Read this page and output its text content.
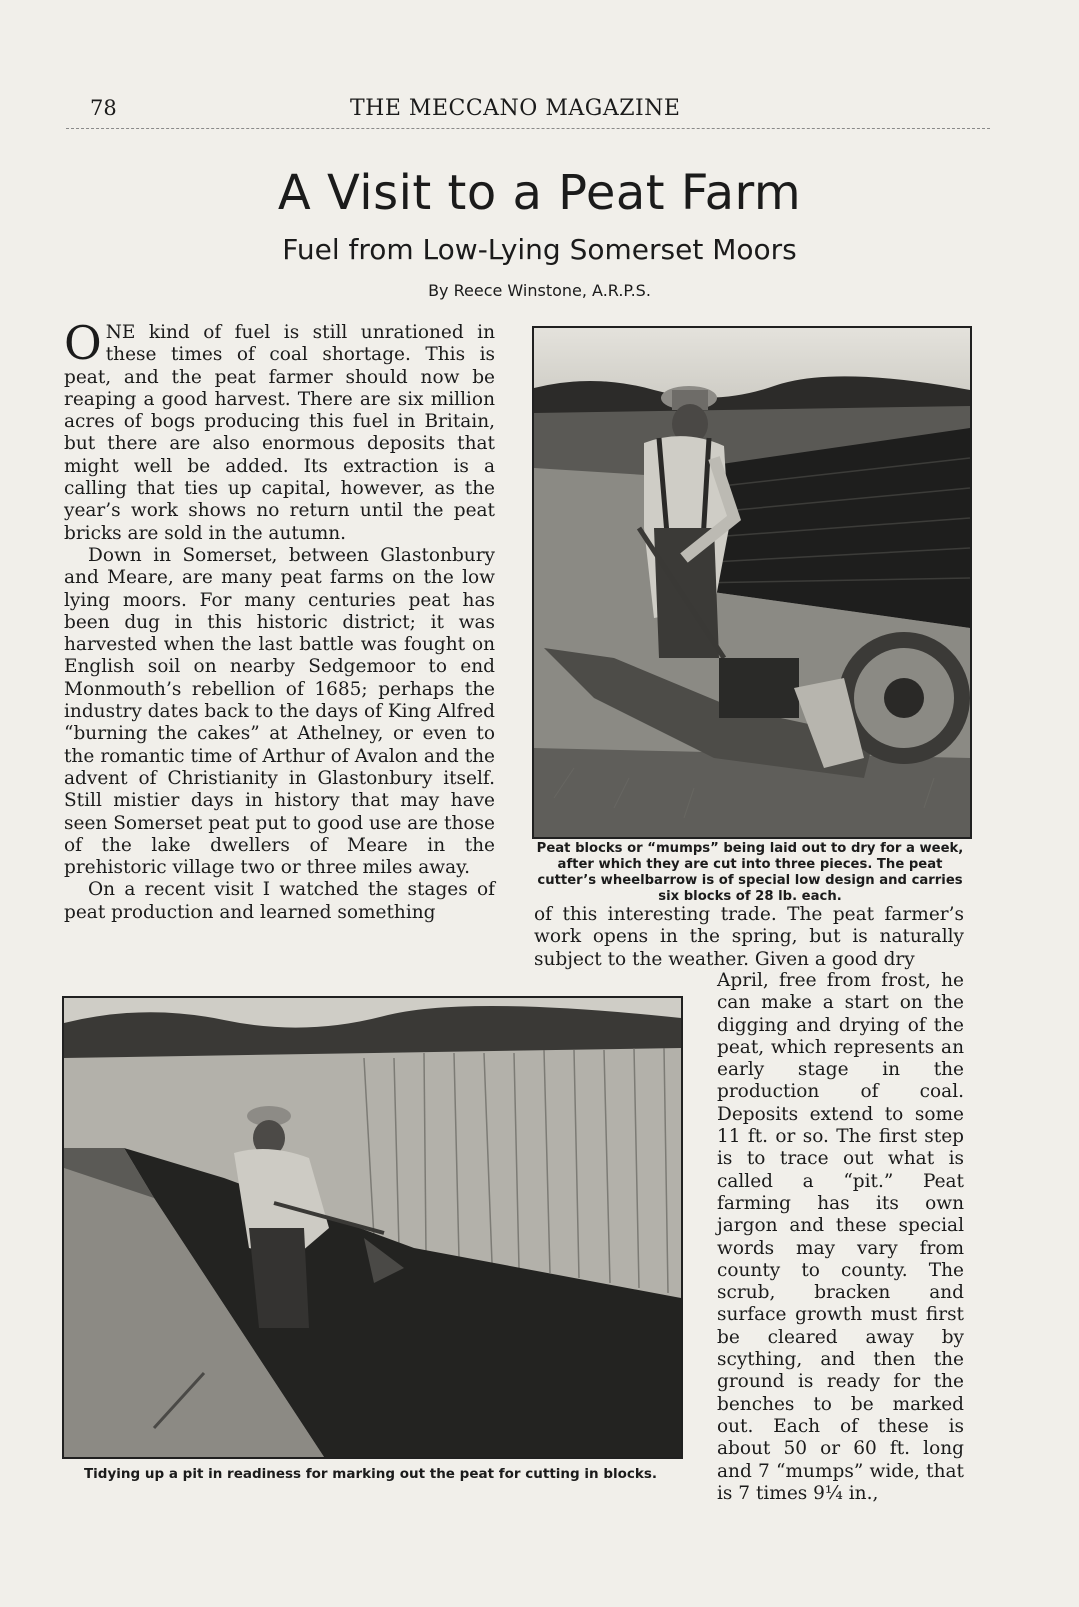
78	THE MECCANO MAGAZINE
A Visit to a Peat Farm
Fuel from Low-Lying Somerset Moors
By Reece Winstone, A.R.P.S.

ONE kind of fuel is still unrationed in these times of coal shortage. This is peat, and the peat farmer should now be reaping a good harvest. There are six million acres of bogs producing this fuel in Britain, but there are also enormous deposits that might well be added. Its extraction is a calling that ties up capital, however, as the year’s work shows no return until the peat bricks are sold in the autumn.

Down in Somerset, between Glastonbury and Meare, are many peat farms on the low lying moors. For many centuries peat has been dug in this historic district; it was harvested when the last battle was fought on English soil on nearby Sedgemoor to end Monmouth’s rebellion of 1685; perhaps the industry dates back to the days of King Alfred “burning the cakes” at Athelney, or even to the romantic time of Arthur of Avalon and the advent of Christianity in Glastonbury itself. Still mistier days in history that may have seen Somerset peat put to good use are those of the lake dwellers of Meare in the prehistoric village two or three miles away.

On a recent visit I watched the stages of peat production and learned something

Peat blocks or “mumps” being laid out to dry for a week, after which they are cut into three pieces. The peat cutter’s wheelbarrow is of special low design and carries six blocks of 28 lb. each.

of this interesting trade. The peat farmer’s work opens in the spring, but is naturally subject to the weather. Given a good dry

Tidying up a pit in readiness for marking out the peat for cutting in blocks.

April, free from frost, he can make a start on the digging and drying of the peat, which represents an early stage in the production of coal. Deposits extend to some 11 ft. or so. The first step is to trace out what is called a “pit.” Peat farming has its own jargon and these special words may vary from county to county. The scrub, bracken and surface growth must first be cleared away by scything, and then the ground is ready for the benches to be marked out. Each of these is about 50 or 60 ft. long and 7 “mumps” wide, that is 7 times 9¼ in.,
